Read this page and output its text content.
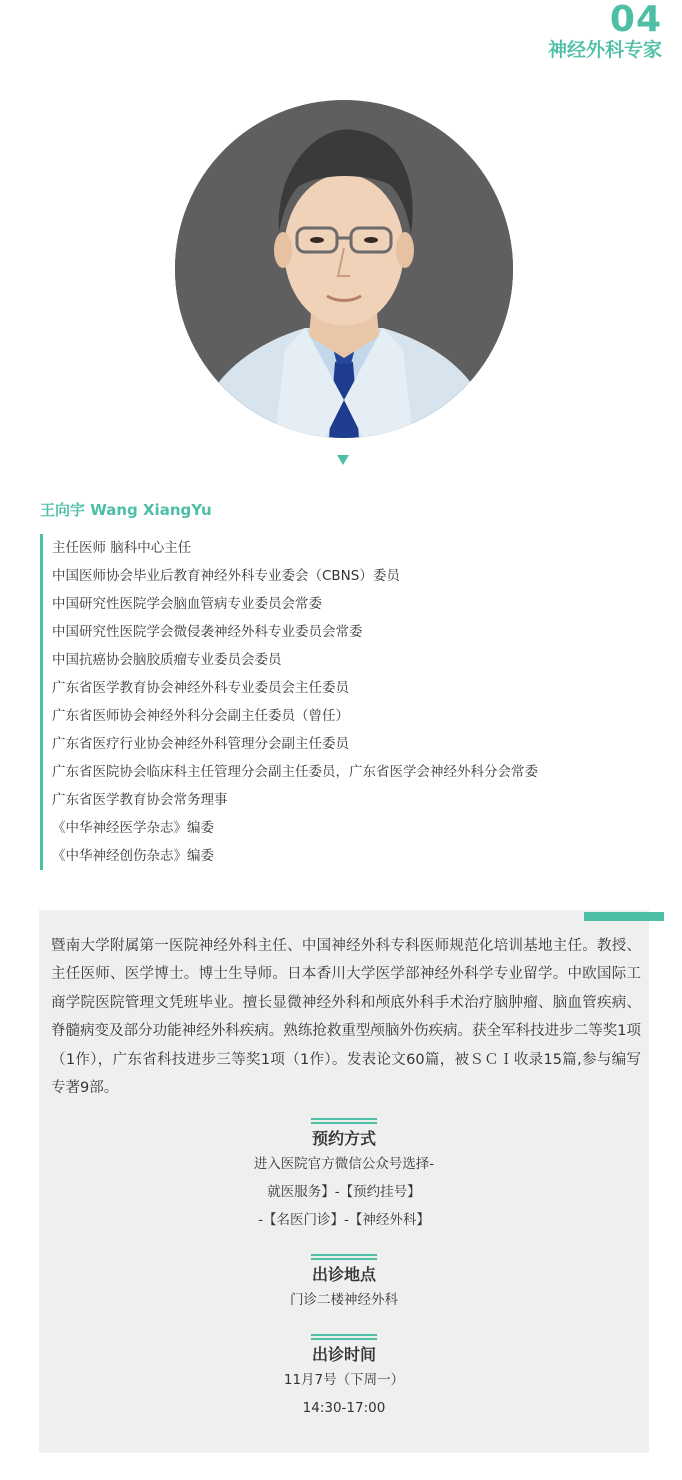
04
神经外科专家
王向宇 Wang XiangYu
主任医师 脑科中心主任
中国医师协会毕业后教育神经外科专业委会（CBNS）委员
中国研究性医院学会脑血管病专业委员会常委
中国研究性医院学会微侵袭神经外科专业委员会常委
中国抗癌协会脑胶质瘤专业委员会委员
广东省医学教育协会神经外科专业委员会主任委员
广东省医师协会神经外科分会副主任委员（曾任）
广东省医疗行业协会神经外科管理分会副主任委员
广东省医院协会临床科主任管理分会副主任委员，广东省医学会神经外科分会常委
广东省医学教育协会常务理事
《中华神经医学杂志》编委
《中华神经创伤杂志》编委

暨南大学附属第一医院神经外科主任、中国神经外科专科医师规范化培训基地主任。教授、主任医师、医学博士。博士生导师。日本香川大学医学部神经外科学专业留学。中欧国际工商学院医院管理文凭班毕业。擅长显微神经外科和颅底外科手术治疗脑肿瘤、脑血管疾病、脊髓病变及部分功能神经外科疾病。熟练抢救重型颅脑外伤疾病。获全军科技进步二等奖1项（1作），广东省科技进步三等奖1项（1作）。发表论文60篇，被ＳＣＩ收录15篇,参与编写专著9部。

预约方式
进入医院官方微信公众号选择-
就医服务】-【预约挂号】
-【名医门诊】-【神经外科】
出诊地点
门诊二楼神经外科
出诊时间
11月7号（下周一）
14:30-17:00
